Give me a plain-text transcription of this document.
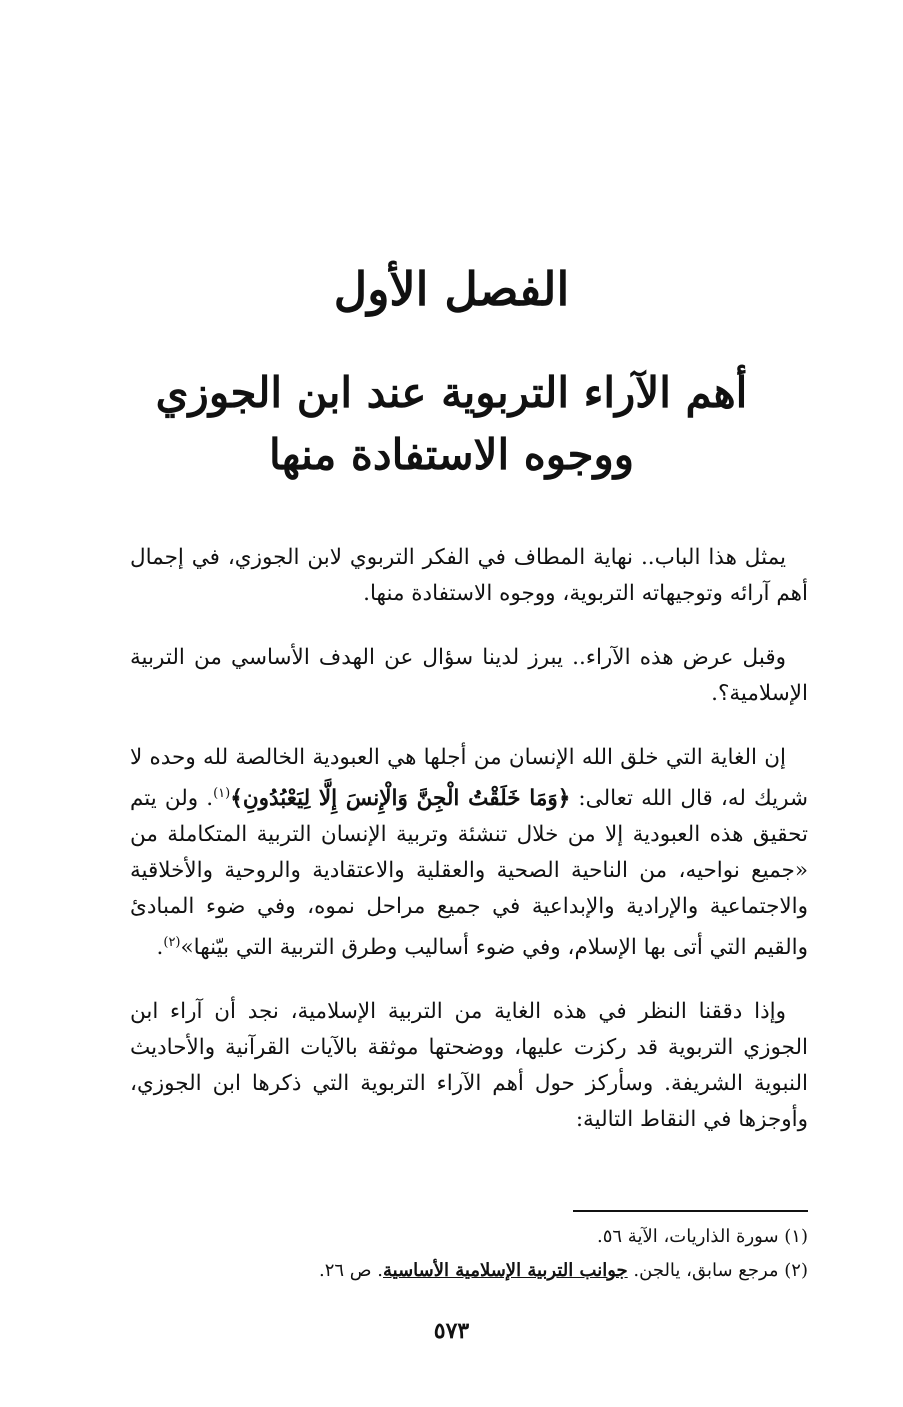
الفصل الأول
أهم الآراء التربوية عند ابن الجوزي
ووجوه الاستفادة منها

يمثل هذا الباب.. نهاية المطاف في الفكر التربوي لابن الجوزي، في إجمال أهم آرائه وتوجيهاته التربوية، ووجوه الاستفادة منها.

وقبل عرض هذه الآراء.. يبرز لدينا سؤال عن الهدف الأساسي من التربية الإسلامية؟.

إن الغاية التي خلق الله الإنسان من أجلها هي العبودية الخالصة لله وحده لا شريك له، قال الله تعالى: ﴿وَمَا خَلَقْتُ الْجِنَّ وَالْإِنسَ إِلَّا لِيَعْبُدُونِ﴾$^{(١)}$. ولن يتم تحقيق هذه العبودية إلا من خلال تنشئة وتربية الإنسان التربية المتكاملة من «جميع نواحيه، من الناحية الصحية والعقلية والاعتقادية والروحية والأخلاقية والاجتماعية والإرادية والإبداعية في جميع مراحل نموه، وفي ضوء المبادئ والقيم التي أتى بها الإسلام، وفي ضوء أساليب وطرق التربية التي بيّنها»$^{(٢)}$.

وإذا دققنا النظر في هذه الغاية من التربية الإسلامية، نجد أن آراء ابن الجوزي التربوية قد ركزت عليها، ووضحتها موثقة بالآيات القرآنية والأحاديث النبوية الشريفة. وسأركز حول أهم الآراء التربوية التي ذكرها ابن الجوزي، وأوجزها في النقاط التالية:

(١) سورة الذاريات، الآية ٥٦.
(٢) مرجع سابق، يالجن. جوانب التربية الإسلامية الأساسية. ص ٢٦.
٥٧٣
